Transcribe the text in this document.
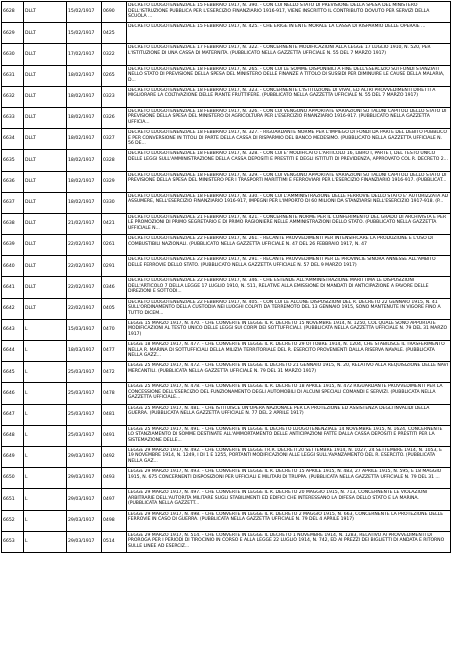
6628	DLLT	15/02/1917	0690	DECRETO LUOGOTENENZIALE 15 FEBBRAIO 1917, N. 390. - CON CUI NELLO STATO DI PREVISIONE DELLA SPESA DEL MINISTERO DELL'ISTRUZIONE PUBBLICA PER L'ESERCIZIO FINANZIARIO 1916-917, VIENE INSCRITTO IL CONTRIBUTO DOVUTO PER SERVIZI DELLA SCUOLA ...

6629	DLLT	15/02/1917	0425	DECRETO LUOGOTENENZIALE 15 FEBBRAIO 1917, N. 425. - CHE ERIGE IN ENTE MORALE LA CASSA DI RISPARMIO DELLE OPERAIE ...

6630	DLLT	17/02/1917	0322	DECRETO LUOGOTENENZIALE 17 FEBBRAIO 1917, N. 322. - CONCERNENTE MODIFICAZIONI ALLA LEGGE 17 LUGLIO 1910, N. 520, PER L'ISTITUZIONE DI UNA CASSA DI MATERNITA. (PUBBLICATO NELLA GAZZETTA UFFICIALE N. 55 DEL 7 MARZO 1917)

6631	DLLT	18/02/1917	0265	DECRETO LUOGOTENENZIALE 18 FEBBRAIO 1917, N. 265. - CON CUI LE SOMME DISPONIBILI A FINE DELL'ESERCIZIO SUI FONDI STANZIATI NELLO STATO DI PREVISIONE DELLA SPESA DEL MINISTERO DELLE FINANZE A TITOLO DI SUSSIDI PER DIMINUIRE LE CAUSE DELLA MALARIA, D...

6632	DLLT	18/02/1917	0323	DECRETO LUOGOTENENZIALE 18 FEBBRAIO 1917, N. 323. - CONCERNENTE L'ISTITUZIONE DI VIVAI, ED ALTRI PROVVEDIMENTI DIRETTI A MIGLIORARE LA COLTIVAZIONE DELLE PIANTE FRUTTIFERE. (PUBBLICATO NELLA GAZZETTA UFFICIALE N. 55 DEL 7 MARZO 1917)

6633	DLLT	18/02/1917	0326	DECRETO LUOGOTENENZIALE 18 FEBBRAIO 1917, N. 326. - CON CUI VENGONO APPORTATE VARIAZIONI SU TALUNI CAPITOLI DELLO STATO DI PREVISIONE DELLA SPESA DEL MINISTERO DI AGRICOLTURA PER L'ESERCIZIO FINANZIARIO 1916-917. (PUBBLICATO NELLA GAZZETTA UFFICIA...

6634	DLLT	18/02/1917	0327	DECRETO LUOGOTENENZIALE 18 FEBBRAIO 1917, N. 327. - RIGUARDANTE NORME PER L'IMPIEGO DI FONDI DA PARTE DEL DEBITO PUBBLICO E PER CONVERSIONE IN TITOLI DI PARTE DELLA CASSA DI RISPARMIO DEL BANCO MEDESIMO. (PUBBLICATO NELLA GAZZETTA UFFICIALE N. 56 DE...

6635	DLLT	18/02/1917	0328	DECRETO LUOGOTENENZIALE 18 FEBBRAIO 1917, N. 328. - CON CUI E' MODIFICATO L'ARTICOLO 16, LIBRO I, PARTE I, DEL TESTO UNICO DELLE LEGGI SULL'AMMINISTRAZIONE DELLA CASSA DEPOSITI E PRESTITI E DEGLI ISTITUTI DI PREVIDENZA, APPROVATO COL R. DECRETO 2...

6636	DLLT	18/02/1917	0329	DECRETO LUOGOTENENZIALE 18 FEBBRAIO 1917, N. 329. - CON CUI VENGONO APPORTATE VARIAZIONI SU TALUNI CAPITOLI DELLO STATO DI PREVISIONE DELLA SPESA DEL MINISTERO PER I TRASPORTI MARITTIMI E FERROVIARI PER L'ESERCIZIO FINANZIARIO 1916-917. (PUBBLICAT...

6637	DLLT	18/02/1917	0330	DECRETO LUOGOTENENZIALE 18 FEBBRAIO 1917, N. 330. - CON CUI L'AMMINISTRAZIONE DELLE FERROVIE DELLO STATO E' AUTORIZZATA AD ASSUMERE, NELL'ESERCIZIO FINANZIARIO 1916-917, IMPEGNI PER L'IMPORTO DI 60 MILIONI DA STANZIARSI NELL'ESERCIZIO 1917-918. (P...

6638	DLLT	21/02/1917	0421	DECRETO LUOGOTENENZIALE 21 FEBBRAIO 1917, N. 421. - CONCERNENTE NORME PER IL CONFERIMENTO DEL GRADO DI ARCHIVISTA E PER LE PROMOZIONI DI PRIMO SEGRETARIO E DI PRIMO RAGIONIERE NELLE AMMINISTRAZIONI DELLO STATO. (PUBBLICATO NELLA GAZZETTA UFFICIALE N...

6639	DLLT	22/02/1917	0261	DECRETO LUOGOTENENZIALE 22 FEBBRAIO 1917, N. 261. - RECANTE PROVVEDIMENTI PER INTENSIFICARE LA PRODUZIONE E L'USO DI COMBUSTIBILI NAZIONALI. (PUBBLICATO NELLA GAZZETTA UFFICIALE N. 47 DEL 26 FEBBRAIO 1917, N. 47

6640	DLLT	22/02/1917	0291	DECRETO LUOGOTENENZIALE 22 FEBBRAIO 1917, N. 291. - RECANTE PROVVEDIMENTI PER LE PROVINCIE SINORA ANNESSE ALL'AMBITO DELLE FERROVIE DELLO STATO. (PUBBLICATO NELLA GAZZETTA UFFICIALE N. 57 DEL 9 MARZO 1917)

6641	DLLT	22/02/1917	0346	DECRETO LUOGOTENENZIALE 22 FEBBRAIO 1917, N. 346. - CHE ESTENDE ALL'AMMINISTRAZIONE MARITTIMA LE DISPOSIZIONI DELL'ARTICOLO 7 DELLA LEGGE 17 LUGLIO 1910, N. 511, RELATIVE ALLA EMISSIONE DI MANDATI DI ANTICIPAZIONE A FAVORE DELLE DIREZIONI E SOTTODI...

6642	DLLT	22/02/1917	0405	DECRETO LUOGOTENENZIALE 22 FEBBRAIO 1917, N. 405. - CON CUI LE ALCUNE DISPOSIZIONI DEL R. DECRETO 22 GENNAIO 1915, N. 41 SULL'ORDINAMENTO DELLA CUSTODIA NEI LUOGHI COLPITI DA TERREMOTO DEL 13 GENNAIO 1915, SONO MANTENUTE IN VIGORE FINO A TUTTO DICEM...

6643	L	15/03/1917	0470	LEGGE 15 MARZO 1917, N. 470. - CHE CONVERTE IN LEGGE IL R. DECRETO 15 NOVEMBRE 1914, N. 1250, COL QUALE SONO APPORTATE MODIFICAZIONI AL TESTO UNICO DELLE LEGGI SUI CORPI DEI SOTTUFFICIALI. (PUBBLICATA NELLA GAZZETTA UFFICIALE N. 79 DEL 31 MARZO 1917)

6644	L	18/03/1917	0477	LEGGE 18 MARZO 1917, N. 477. - CHE CONVERTE IN LEGGE IL R. DECRETO 29 OTTOBRE 1914, N. 1204, CHE STABILISCE IL TRASFERIMENTO NELLA R. MARINA DI SOTTUFFICIALI DELLA MILIZIA TERRITORIALE DEL R. ESERCITO PROVENIENTI DALLA RISERVA NAVALE. (PUBBLICATA NELLA GAZZ...

6645	L	25/03/1917	0472	LEGGE 25 MARZO 1917, N. 472. - CHE CONVERTE IN LEGGE IL DECRETO 21 GENNAIO 1915, N. 20, RELATIVO ALLA REQUISIZIONE DELLE NAVI MERCANTILI. (PUBBLICATA NELLA GAZZETTA UFFICIALE N. 79 DEL 31 MARZO 1917)

6646	L	25/03/1917	0478	LEGGE 25 MARZO 1917, N. 478. - CHE CONVERTE IN LEGGE IL R. DECRETO 18 APRILE 1915, N. 472 RIGUARDANTE PROVVEDIMENTI PER LA CONCESSIONE DELL'ESERCIZIO DEL FUNZIONAMENTO DEGLI AUTOMOBILI DI ALCUNI SPECIALI COMANDI E SERVIZI. (PUBBLICATA NELLA GAZZETTA UFFICIALE...

6647	L	25/03/1917	0481	LEGGE 25 MARZO 1917, N. 481. - CHE ISTITUISCE UN'OPERA NAZIONALE PER LA PROTEZIONE ED ASSISTENZA DEGLI INVALIDI DELLA GUERRA. (PUBBLICATA NELLA GAZZETTA UFFICIALE N. 77 DEL 2 APRILE 1917)

6648	L	25/03/1917	0491	LEGGE 25 MARZO 1917, N. 491. - CHE CONVERTE IN LEGGE IL DECRETO LUOGOTENENZIALE 14 NOVEMBRE 1915, N. 1624, CONCERNENTE LO STANZIAMENTO DI SOMME DESTINATE ALL'AMMORTAMENTO DELLE ANTICIPAZIONI FATTE DALLA CASSA DEPOSITI E PRESTITI PER LA SISTEMAZIONE DELLE...

6649	L	29/03/1917	0492	LEGGE 29 MARZO 1917, N. 492. - CHE CONVERTE IN LEGGE I R.R. DECRETI 20 SETTEMBRE 1914, N. 1027, 24 SETTEMBRE 1914, N. 1053, E 19 NOVEMBRE 1914, N. 1249, I DI 1 E 1255, PORTANTI MODIFICAZIONI ALLE LEGGI SULL'AVANZAMENTO DEL R. ESERCITO. (PUBBLICATA NELLA GAZ...

6650	L	29/03/1917	0493	LEGGE 29 MARZO 1917, N. 493. - CHE CONVERTE IN LEGGE IL R. DECRETO 15 APRILE 1915, N. 483, 27 APRILE 1915, N. 595, E 18 MAGGIO 1915, N. 675 CONCERNENTI DISPOSIZIONI PER UFFICIALI E MILITARI DI TRUPPA. (PUBBLICATA NELLA GAZZETTA UFFICIALE N. 79 DEL 31 ...

6651	L	29/03/1917	0497	LEGGE 29 MARZO 1917, N. 497. - CHE CONVERTE IN LEGGE IL R. DECRETO 20 MAGGIO 1915, N. 713, CONCERNENTE LE VIOLAZIONI ARBITRARIE DELL'AUTORITA MILITARE SUGLI STABILIMENTI ED EDIFICI CHE INTERESSANO LA DIFESA DELLO STATO E LA MARINA. (PUBBLICATA NELLA GAZZETT...

6652	L	29/03/1917	0498	LEGGE 29 MARZO 1917, N. 498. - CHE CONVERTE IN LEGGE IL R. DECRETO 2 MAGGIO 1915, N. 663, CONCERNENTE LA PROTEZIONE DELLE FERROVIE IN CASO DI GUERRA. (PUBBLICATA NELLA GAZZETTA UFFICIALE N. 79 DEL 4 APRILE 1917)

6653	L	29/03/1917	0514	LEGGE 29 MARZO 1917, N. 514. - CHE CONVERTE IN LEGGE IL DECRETO 1 NOVEMBRE 1914, N. 1283, RELATIVO AI PROVVEDIMENTI DI PROROGA PER I PERIODI DI TIROCINIO IN CORSO E ALLA LEGGE 22 LUGLIO 1914, N. 742, ED AI PREZZI DEI BIGLIETTI DI ANDATA E RITORNO SULLE LINEE AD ESERCIZ...
